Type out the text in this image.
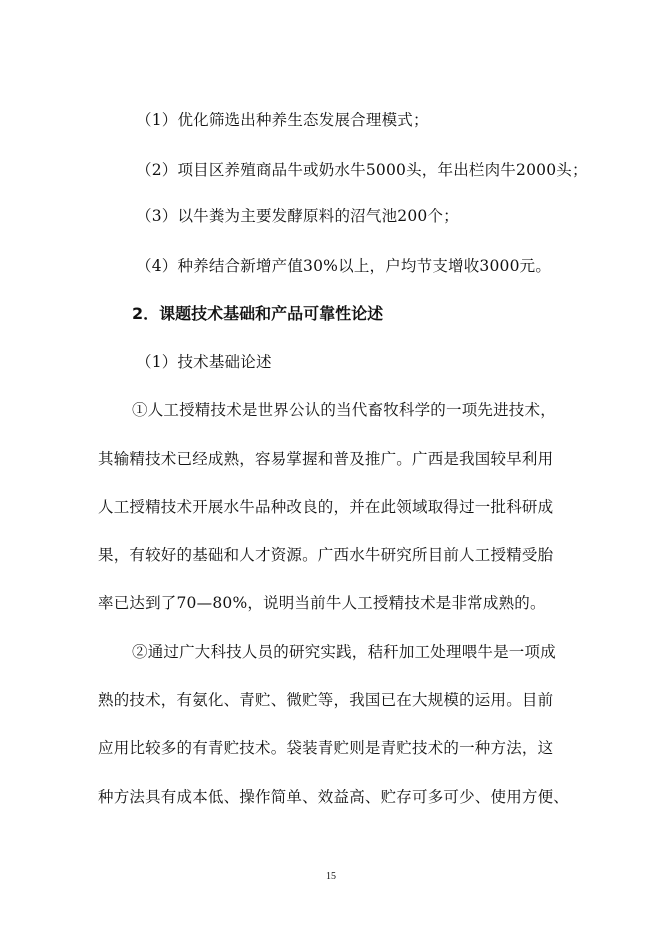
（1）优化筛选出种养生态发展合理模式；
（2）项目区养殖商品牛或奶水牛5000头，年出栏肉牛2000头；
（3）以牛粪为主要发酵原料的沼气池200个；
（4）种养结合新增产值30%以上，户均节支增收3000元。
2．课题技术基础和产品可靠性论述
（1）技术基础论述
①人工授精技术是世界公认的当代畜牧科学的一项先进技术，
其输精技术已经成熟，容易掌握和普及推广。广西是我国较早利用
人工授精技术开展水牛品种改良的，并在此领域取得过一批科研成
果，有较好的基础和人才资源。广西水牛研究所目前人工授精受胎
率已达到了70—80%，说明当前牛人工授精技术是非常成熟的。
②通过广大科技人员的研究实践，秸秆加工处理喂牛是一项成
熟的技术，有氨化、青贮、微贮等，我国已在大规模的运用。目前
应用比较多的有青贮技术。袋装青贮则是青贮技术的一种方法，这
种方法具有成本低、操作简单、效益高、贮存可多可少、使用方便、
15
